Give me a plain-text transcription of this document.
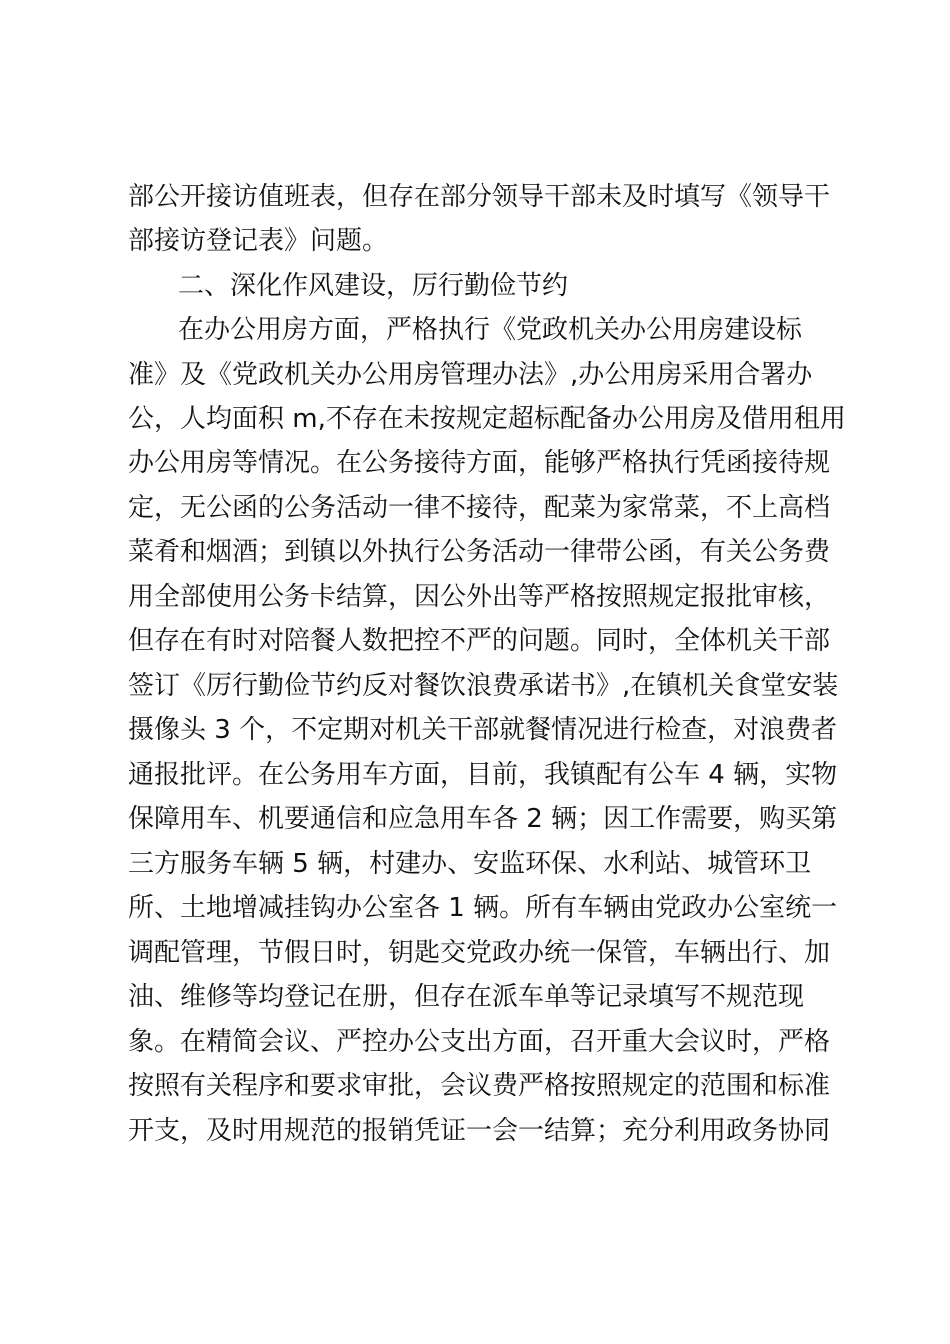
部公开接访值班表，但存在部分领导干部未及时填写《领导干
部接访登记表》问题。
二、深化作风建设，厉行勤俭节约
在办公用房方面，严格执行《党政机关办公用房建设标
准》及《党政机关办公用房管理办法》,办公用房采用合署办
公，人均面积 m,不存在未按规定超标配备办公用房及借用租用
办公用房等情况。在公务接待方面，能够严格执行凭函接待规
定，无公函的公务活动一律不接待，配菜为家常菜，不上高档
菜肴和烟酒；到镇以外执行公务活动一律带公函，有关公务费
用全部使用公务卡结算，因公外出等严格按照规定报批审核，
但存在有时对陪餐人数把控不严的问题。同时，全体机关干部
签订《厉行勤俭节约反对餐饮浪费承诺书》,在镇机关食堂安装
摄像头 3 个，不定期对机关干部就餐情况进行检查，对浪费者
通报批评。在公务用车方面，目前，我镇配有公车 4 辆，实物
保障用车、机要通信和应急用车各 2 辆；因工作需要，购买第
三方服务车辆 5 辆，村建办、安监环保、水利站、城管环卫
所、土地增减挂钩办公室各 1 辆。所有车辆由党政办公室统一
调配管理，节假日时，钥匙交党政办统一保管，车辆出行、加
油、维修等均登记在册，但存在派车单等记录填写不规范现
象。在精简会议、严控办公支出方面，召开重大会议时，严格
按照有关程序和要求审批，会议费严格按照规定的范围和标准
开支，及时用规范的报销凭证一会一结算；充分利用政务协同
